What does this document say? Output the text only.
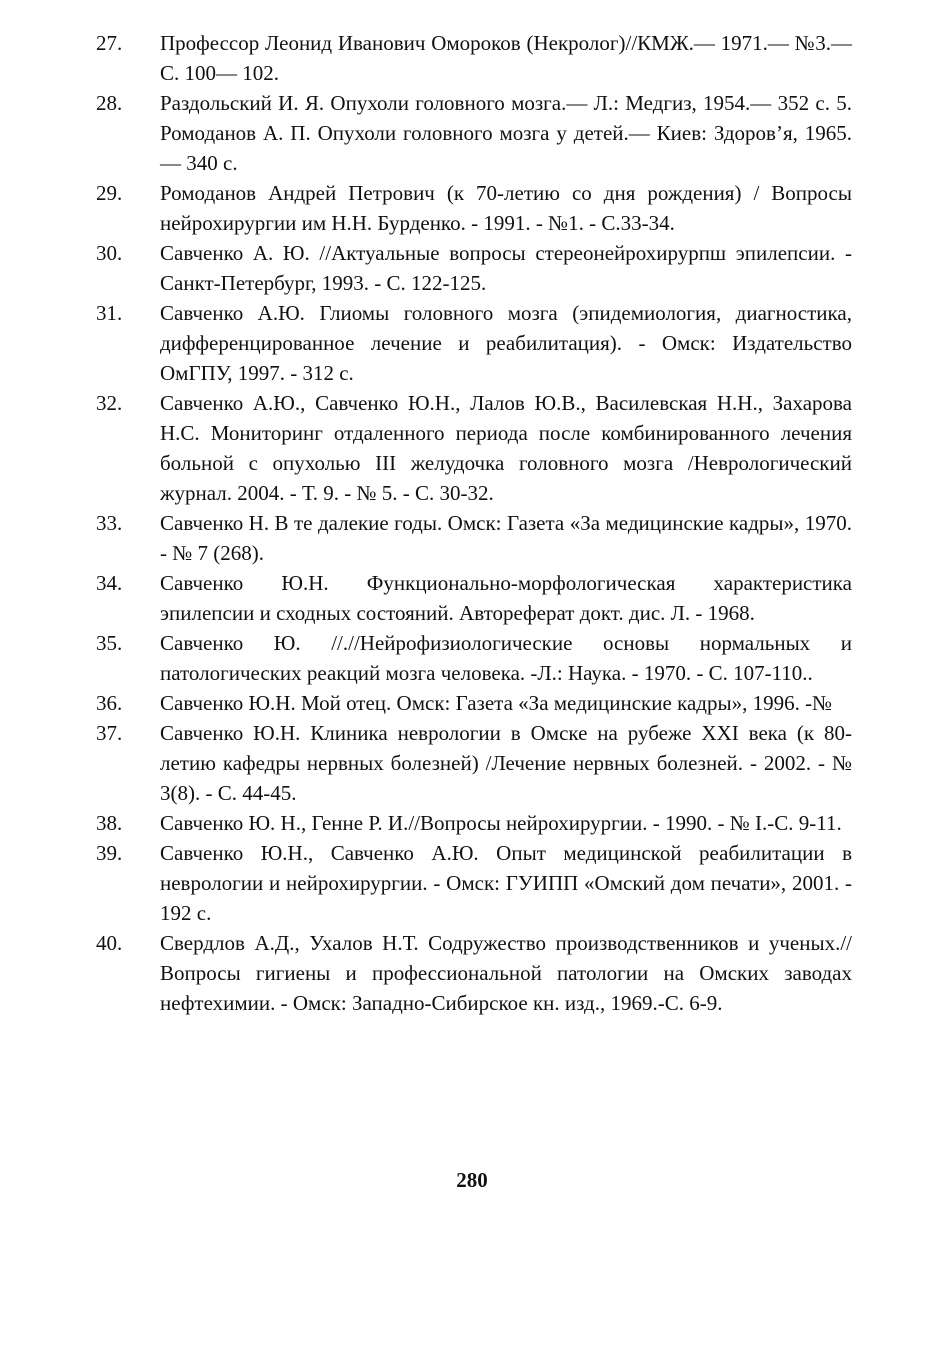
27. Профессор Леонид Иванович Омороков (Некролог)//КМЖ.— 1971.— №3.— С. 100— 102.
28. Раздольский И. Я. Опухоли головного мозга.— Л.: Медгиз, 1954.— 352 с. 5. Ромоданов А. П. Опухоли головного мозга у детей.— Киев: Здоров’я, 1965.— 340 с.
29. Ромоданов Андрей Петрович (к 70-летию со дня рождения) / Вопросы нейрохирургии им Н.Н. Бурденко. - 1991. - №1. - С.33-34.
30. Савченко А. Ю. //Актуальные вопросы стереонейрохирурпш эпилепсии. - Санкт-Петербург, 1993. - С. 122-125.
31. Савченко А.Ю. Глиомы головного мозга (эпидемиология, диагностика, дифференцированное лечение и реабилитация). - Омск: Издательство ОмГПУ, 1997. - 312 с.
32. Савченко А.Ю., Савченко Ю.Н., Лалов Ю.В., Василевская Н.Н., Захарова Н.С. Мониторинг отдаленного периода после комбинированного лечения больной с опухолью III желудочка головного мозга /Неврологический журнал. 2004. - Т. 9. - № 5. - С. 30-32.
33. Савченко Н. В те далекие годы. Омск: Газета «За медицинские кадры», 1970. - № 7 (268).
34. Савченко Ю.Н. Функционально-морфологическая характеристика эпилепсии и сходных состояний. Автореферат докт. дис. Л. - 1968.
35. Савченко Ю. //.//Нейрофизиологические основы нормальных и патологических реакций мозга человека. -Л.: Наука. - 1970. - С. 107-110..
36. Савченко Ю.Н. Мой отец. Омск: Газета «За медицинские кадры», 1996. -№
37. Савченко Ю.Н. Клиника неврологии в Омске на рубеже XXI века (к 80-летию кафедры нервных болезней) /Лечение нервных болезней. - 2002. - № 3(8). - С. 44-45.
38. Савченко Ю. Н., Генне Р. И.//Вопросы нейрохирургии. - 1990. - № I.-С. 9-11.
39. Савченко Ю.Н., Савченко А.Ю. Опыт медицинской реабилитации в неврологии и нейрохирургии. - Омск: ГУИПП «Омский дом печати», 2001. - 192 с.
40. Свердлов А.Д., Ухалов Н.Т. Содружество производственников и ученых.//Вопросы гигиены и профессиональной патологии на Омских заводах нефтехимии. - Омск: Западно-Сибирское кн. изд., 1969.-С. 6-9.
280
